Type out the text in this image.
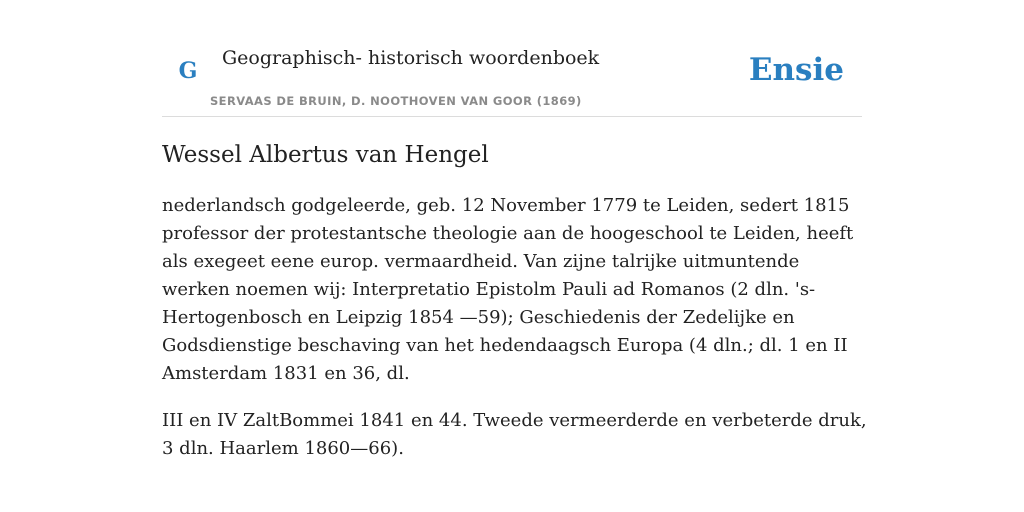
G Geographisch- historisch woordenboek
SERVAAS DE BRUIN, D. NOOTHOVEN VAN GOOR (1869)
Ensie
Wessel Albertus van Hengel

nederlandsch godgeleerde, geb. 12 November 1779 te Leiden, sedert 1815 professor der protestantsche theologie aan de hoogeschool te Leiden, heeft als exegeet eene europ. vermaardheid. Van zijne talrijke uitmuntende werken noemen wij: Interpretatio Epistolm Pauli ad Romanos (2 dln. 's-Hertogenbosch en Leipzig 1854 —59); Geschiedenis der Zedelijke en Godsdienstige beschaving van het hedendaagsch Europa (4 dln.; dl. 1 en II Amsterdam 1831 en 36, dl.

III en IV ZaltBommei 1841 en 44. Tweede vermeerderde en verbeterde druk, 3 dln. Haarlem 1860—66).
